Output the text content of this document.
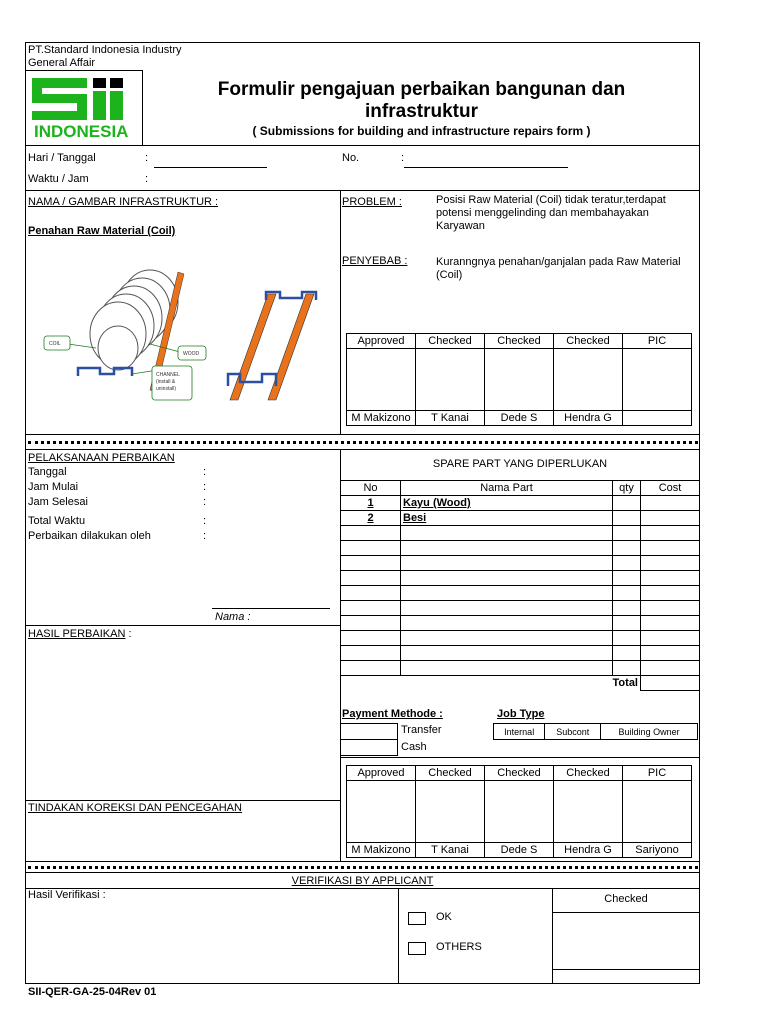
PT.Standard Indonesia Industry
General Affair
INDONESIA
Formulir pengajuan perbaikan bangunan dan
infrastruktur
( Submissions for building and infrastructure repairs form )
Hari / Tanggal	:	No.	:
Waktu / Jam	:
NAMA / GAMBAR INFRASTRUKTUR :
Penahan Raw Material (Coil)
COIL
WOOD
CHANNEL
(install &
uninstall)
PROBLEM :	Posisi Raw Material (Coil) tidak teratur,terdapat potensi menggelinding dan membahayakan Karyawan
PENYEBAB :	Kuranngnya penahan/ganjalan pada Raw Material (Coil)
Approved	Checked	Checked	Checked	PIC

M Makizono	T Kanai	Dede S	Hendra G	
PELAKSANAAN PERBAIKAN
Tanggal	:
Jam Mulai	:
Jam Selesai	:
Total Waktu	:
Perbaikan dilakukan oleh	:
Nama :
HASIL PERBAIKAN :
TINDAKAN KOREKSI DAN PENCEGAHAN
SPARE PART YANG DIPERLUKAN
No	Nama Part	qty	Cost
1	Kayu (Wood)		
2	Besi		

Total			
Payment Methode :	Job Type

Transfer
Cash
Internal	Subcont	Building Owner
Approved	Checked	Checked	Checked	PIC

M Makizono	T Kanai	Dede S	Hendra G	Sariyono
VERIFIKASI BY APPLICANT
Hasil Verifikasi :
OK
OTHERS
Checked
SII-QER-GA-25-04Rev 01
